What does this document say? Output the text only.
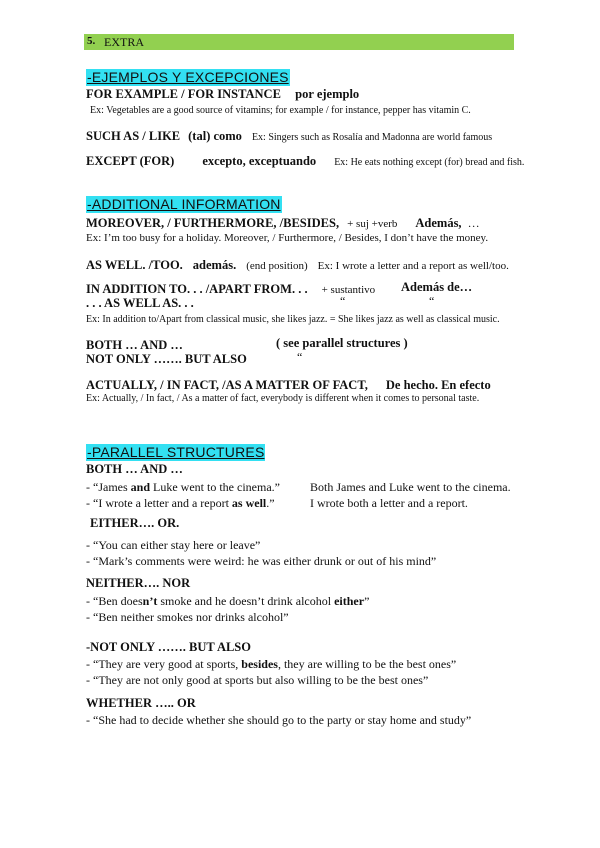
5. EXTRA
-EJEMPLOS Y EXCEPCIONES
FOR EXAMPLE / FOR INSTANCE por ejemplo
Ex: Vegetables are a good source of vitamins; for example / for instance, pepper has vitamin C.
SUCH AS / LIKE (tal) como Ex: Singers such as Rosalía and Madonna are world famous
EXCEPT (FOR) excepto, exceptuando Ex: He eats nothing except (for) bread and fish.
-ADDITIONAL INFORMATION
MOREOVER, / FURTHERMORE, /BESIDES, + suj +verb Además, …
Ex: I’m too busy for a holiday. Moreover, / Furthermore, / Besides, I don’t have the money.
AS WELL. /TOO. además. (end position) Ex: I wrote a letter and a report as well/too.
IN ADDITION TO. . . /APART FROM. . . + sustantivo Además de…
. . . AS WELL AS. . .	“	“
Ex: In addition to/Apart from classical music, she likes jazz. = She likes jazz as well as classical music.
BOTH … AND …	( see parallel structures )
NOT ONLY ……. BUT ALSO	“
ACTUALLY, / IN FACT, /AS A MATTER OF FACT, De hecho. En efecto
Ex: Actually, / In fact, / As a matter of fact, everybody is different when it comes to personal taste.
-PARALLEL STRUCTURES
BOTH … AND …
- “James and Luke went to the cinema.”	Both James and Luke went to the cinema.
- “I wrote a letter and a report as well.”	I wrote both a letter and a report.
EITHER…. OR.
- “You can either stay here or leave”
- “Mark’s comments were weird: he was either drunk or out of his mind”
NEITHER…. NOR
- “Ben doesn’t smoke and he doesn’t drink alcohol either”
- “Ben neither smokes nor drinks alcohol”
-NOT ONLY ……. BUT ALSO
- “They are very good at sports, besides, they are willing to be the best ones”
- “They are not only good at sports but also willing to be the best ones”
WHETHER ….. OR
- “She had to decide whether she should go to the party or stay home and study”
